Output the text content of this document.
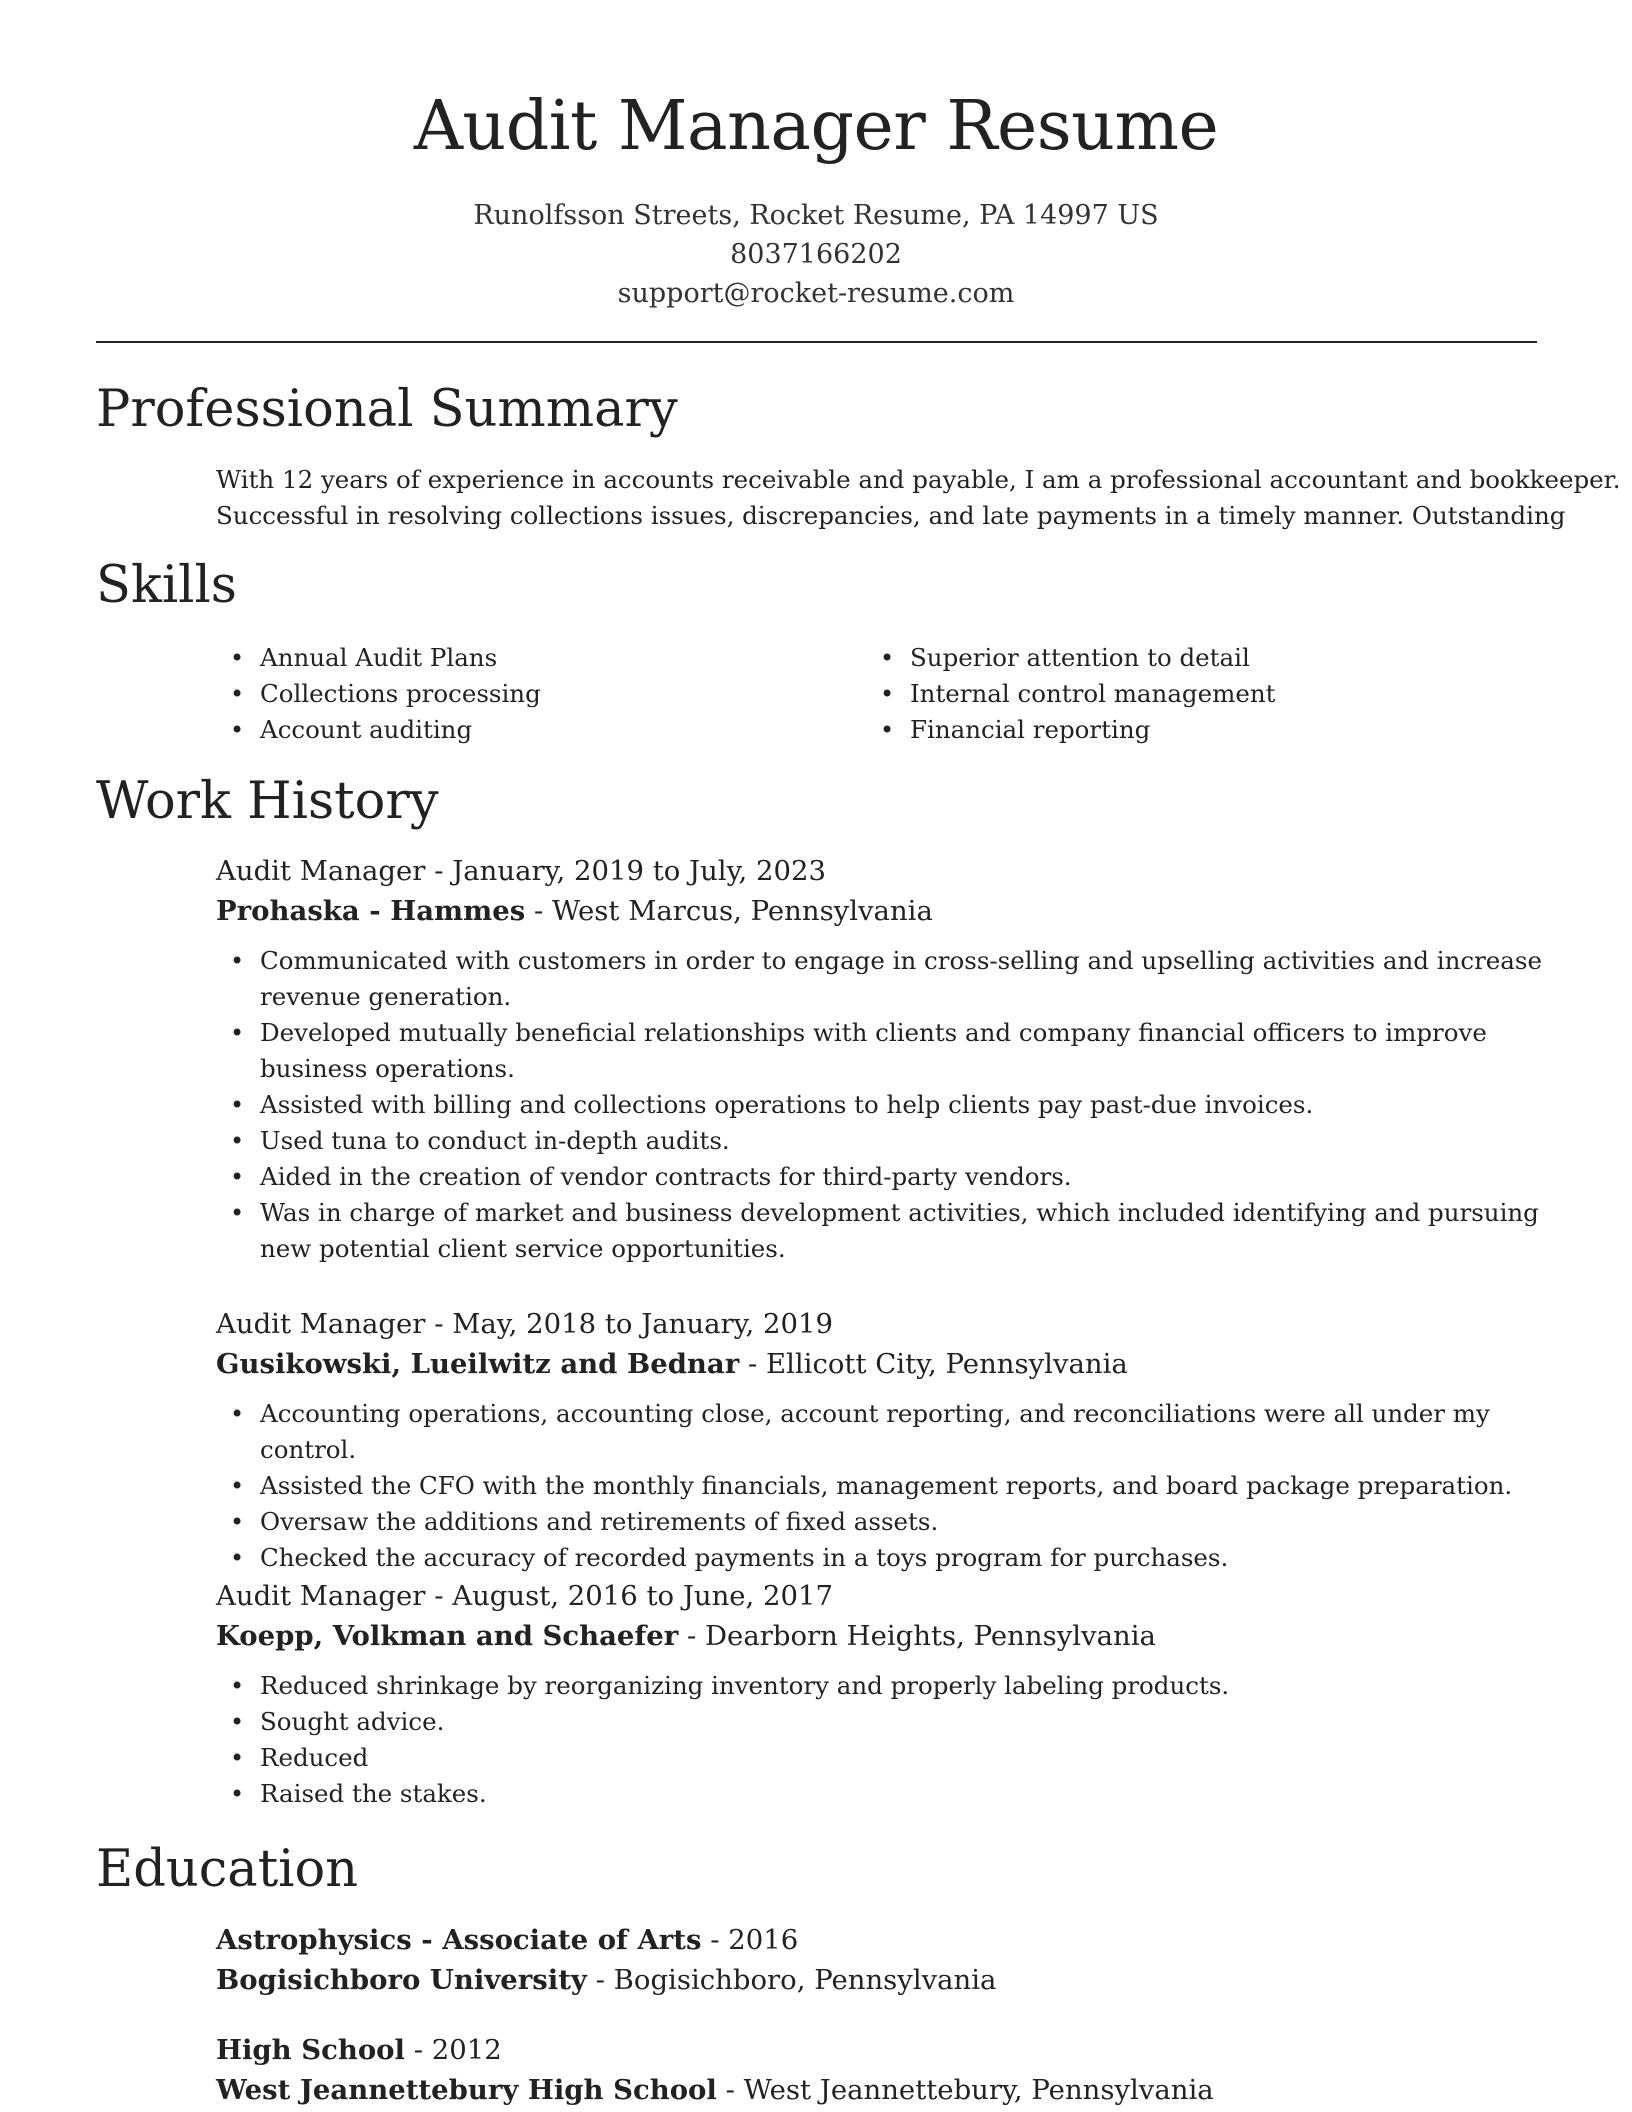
Audit Manager Resume
Runolfsson Streets, Rocket Resume, PA 14997 US
8037166202
support@rocket-resume.com
Professional Summary
With 12 years of experience in accounts receivable and payable, I am a professional accountant and bookkeeper.
Successful in resolving collections issues, discrepancies, and late payments in a timely manner. Outstanding
Skills
• Annual Audit Plans
• Collections processing
• Account auditing
• Superior attention to detail
• Internal control management
• Financial reporting
Work History
Audit Manager - January, 2019 to July, 2023
Prohaska - Hammes - West Marcus, Pennsylvania
• Communicated with customers in order to engage in cross-selling and upselling activities and increase revenue generation.
• Developed mutually beneficial relationships with clients and company financial officers to improve business operations.
• Assisted with billing and collections operations to help clients pay past-due invoices.
• Used tuna to conduct in-depth audits.
• Aided in the creation of vendor contracts for third-party vendors.
• Was in charge of market and business development activities, which included identifying and pursuing new potential client service opportunities.
Audit Manager - May, 2018 to January, 2019
Gusikowski, Lueilwitz and Bednar - Ellicott City, Pennsylvania
• Accounting operations, accounting close, account reporting, and reconciliations were all under my control.
• Assisted the CFO with the monthly financials, management reports, and board package preparation.
• Oversaw the additions and retirements of fixed assets.
• Checked the accuracy of recorded payments in a toys program for purchases.
Audit Manager - August, 2016 to June, 2017
Koepp, Volkman and Schaefer - Dearborn Heights, Pennsylvania
• Reduced shrinkage by reorganizing inventory and properly labeling products.
• Sought advice.
• Reduced
• Raised the stakes.
Education
Astrophysics - Associate of Arts - 2016
Bogisichboro University - Bogisichboro, Pennsylvania
High School - 2012
West Jeannettebury High School - West Jeannettebury, Pennsylvania
